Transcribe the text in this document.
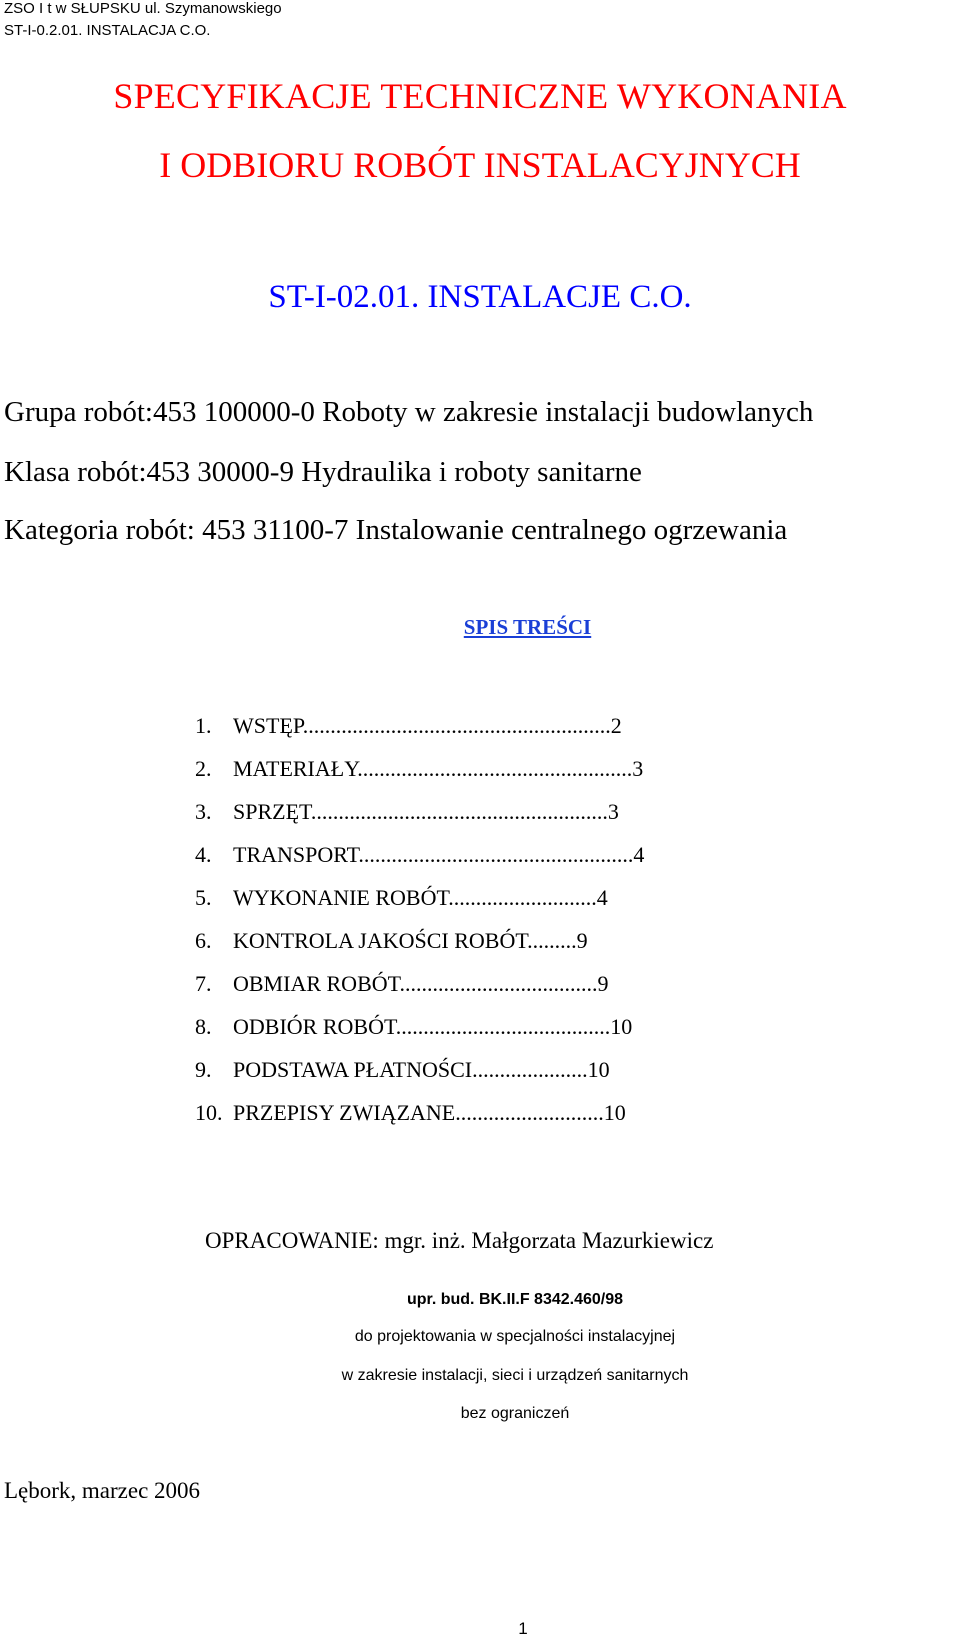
ZSO I t w SŁUPSKU ul. Szymanowskiego
ST-I-0.2.01. INSTALACJA C.O.
SPECYFIKACJE TECHNICZNE WYKONANIA
I ODBIORU ROBÓT INSTALACYJNYCH
ST-I-02.01. INSTALACJE C.O.
Grupa robót:453 100000-0 Roboty w zakresie instalacji budowlanych
Klasa robót:453 30000-9 Hydraulika i roboty sanitarne
Kategoria robót: 453 31100-7 Instalowanie centralnego ogrzewania
SPIS TREŚCI
1. WSTĘP........................................................2
2. MATERIAŁY..................................................3
3. SPRZĘT......................................................3
4. TRANSPORT..................................................4
5. WYKONANIE ROBÓT...........................4
6. KONTROLA JAKOŚCI ROBÓT.........9
7. OBMIAR ROBÓT....................................9
8. ODBIÓR ROBÓT.......................................10
9. PODSTAWA PŁATNOŚCI.....................10
10. PRZEPISY ZWIĄZANE...........................10
OPRACOWANIE: mgr. inż. Małgorzata Mazurkiewicz
upr. bud. BK.II.F 8342.460/98
do projektowania w specjalności instalacyjnej
w zakresie instalacji, sieci i urządzeń sanitarnych
bez ograniczeń
Lębork, marzec 2006
1
